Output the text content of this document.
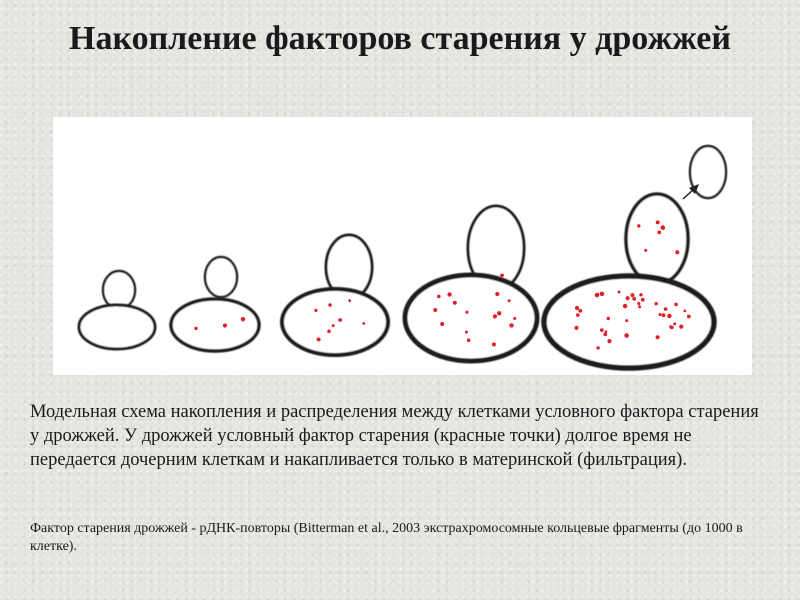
Накопление факторов старения у дрожжей

Модельная схема накопления и распределения между клетками условного фактора старения у дрожжей. У дрожжей условный фактор старения (красные точки) долгое время не передается дочерним клеткам и накапливается только в материнской (фильтрация).

Фактор старения дрожжей - рДНК-повторы (Bitterman et al., 2003 экстрахромосомные кольцевые фрагменты (до 1000 в клетке).
